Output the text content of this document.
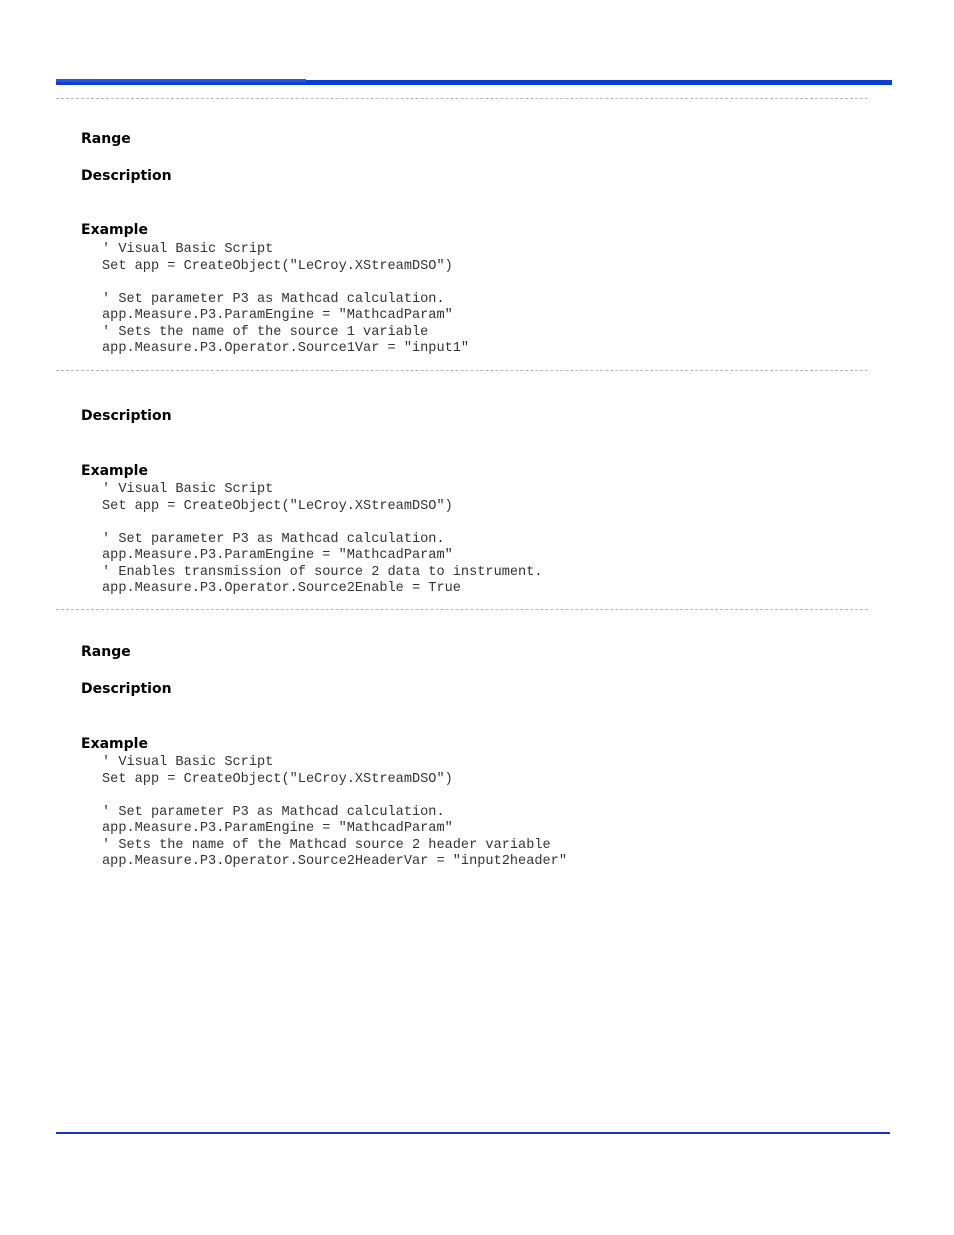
Range
Description
Example
' Visual Basic Script
Set app = CreateObject("LeCroy.XStreamDSO")
' Set parameter P3 as Mathcad calculation.
app.Measure.P3.ParamEngine = "MathcadParam"
' Sets the name of the source 1 variable
app.Measure.P3.Operator.Source1Var = "input1"
Description
Example
' Visual Basic Script
Set app = CreateObject("LeCroy.XStreamDSO")
' Set parameter P3 as Mathcad calculation.
app.Measure.P3.ParamEngine = "MathcadParam"
' Enables transmission of source 2 data to instrument.
app.Measure.P3.Operator.Source2Enable = True
Range
Description
Example
' Visual Basic Script
Set app = CreateObject("LeCroy.XStreamDSO")
' Set parameter P3 as Mathcad calculation.
app.Measure.P3.ParamEngine = "MathcadParam"
' Sets the name of the Mathcad source 2 header variable
app.Measure.P3.Operator.Source2HeaderVar = "input2header"
